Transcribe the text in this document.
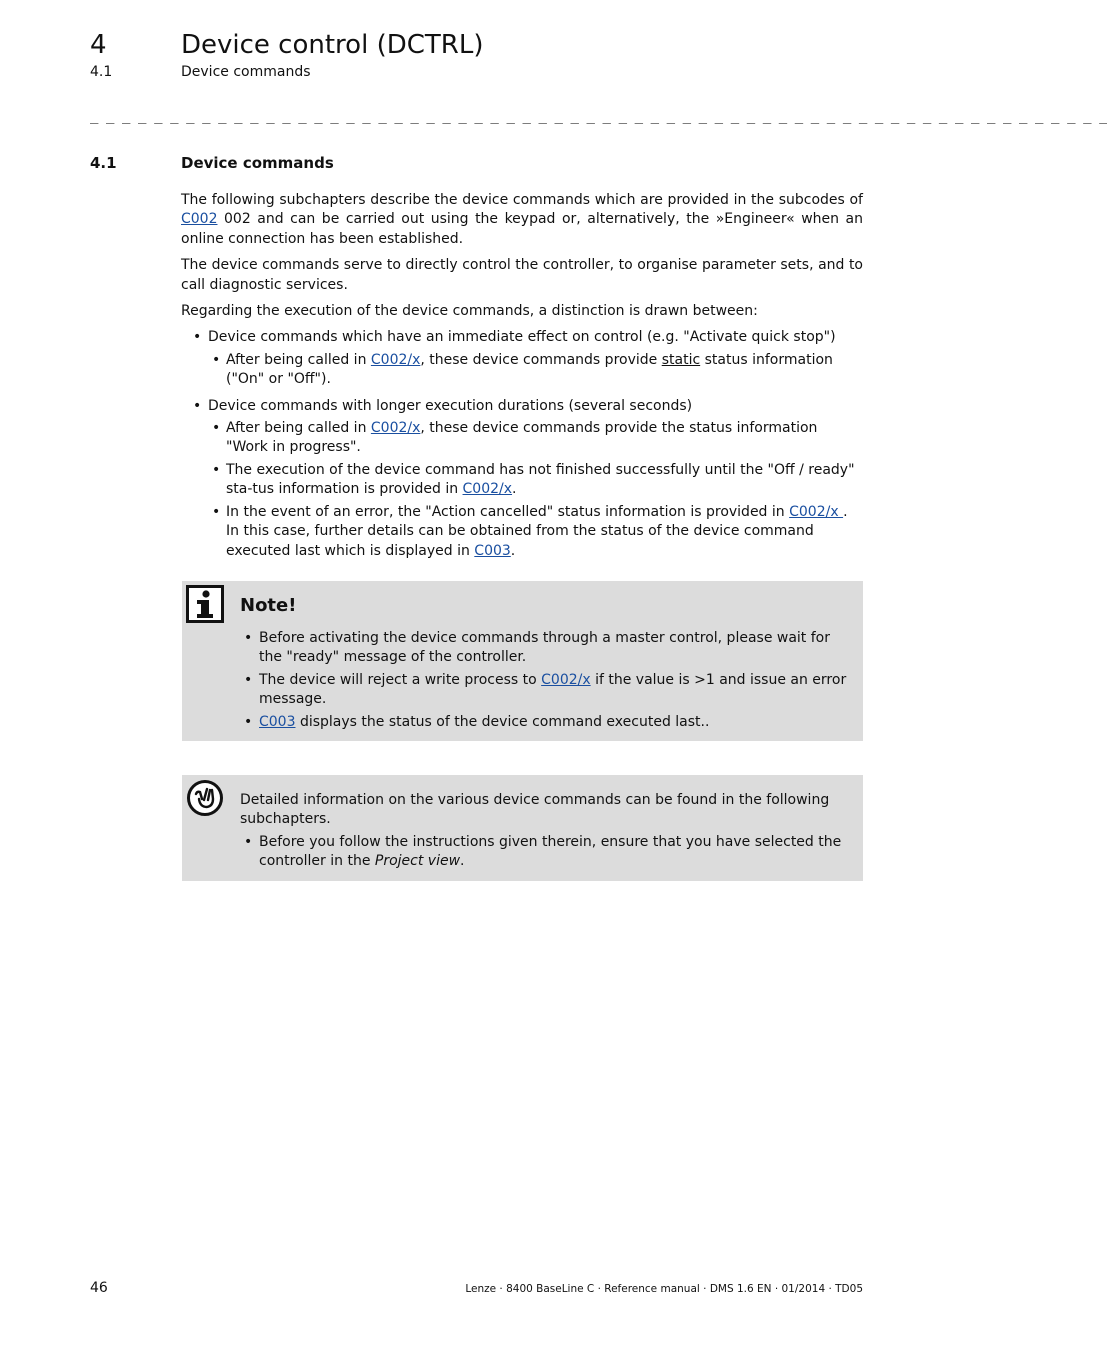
4	Device control (DCTRL)
4.1	Device commands
_ _ _ _ _ _ _ _ _ _ _ _ _ _ _ _ _ _ _ _ _ _ _ _ _ _ _ _ _ _ _ _ _ _ _ _ _ _ _ _ _ _ _ _ _ _ _ _ _ _ _ _ _ _ _ _ _ _ _ _ _ _ _ _
4.1	Device commands

The following subchapters describe the device commands which are provided in the subcodes of C002 002 and can be carried out using the keypad or, alternatively, the »Engineer« when an online connection has been established.

The device commands serve to directly control the controller, to organise parameter sets, and to call diagnostic services.

Regarding the execution of the device commands, a distinction is drawn between:

• Device commands which have an immediate effect on control (e.g. "Activate quick stop")
• After being called in C002/x, these device commands provide static status information ("On" or "Off").
• Device commands with longer execution durations (several seconds)
• After being called in C002/x, these device commands provide the status information "Work in progress".
• The execution of the device command has not finished successfully until the "Off / ready" sta-tus information is provided in C002/x.
• In the event of an error, the "Action cancelled" status information is provided in C002/x . In this case, further details can be obtained from the status of the device command executed last which is displayed in C003.
Note!
• Before activating the device commands through a master control, please wait for the "ready" message of the controller.
• The device will reject a write process to C002/x if the value is >1 and issue an error message.
• C003 displays the status of the device command executed last..

Detailed information on the various device commands can be found in the following subchapters.

• Before you follow the instructions given therein, ensure that you have selected the controller in the Project view.
46	Lenze · 8400 BaseLine C · Reference manual · DMS 1.6 EN · 01/2014 · TD05
